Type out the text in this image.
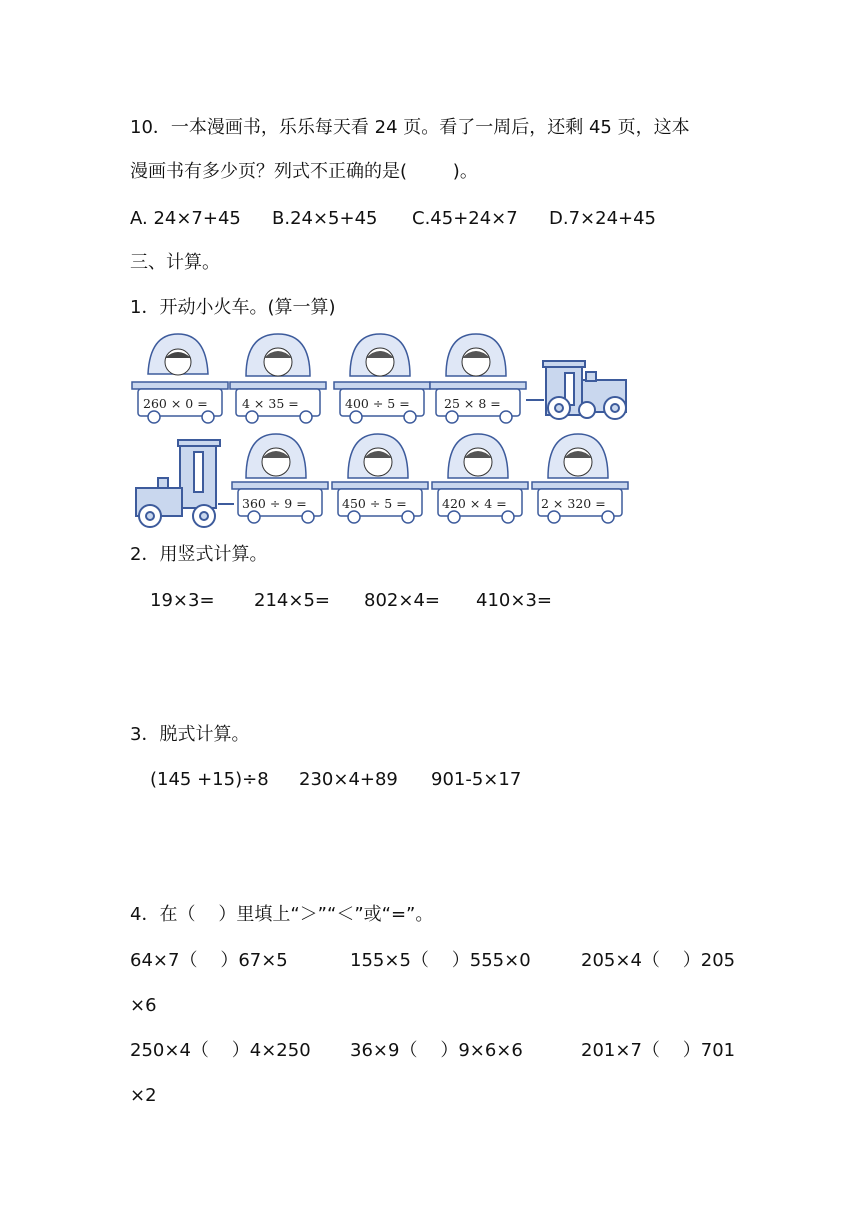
10．一本漫画书，乐乐每天看 24 页。看了一周后，还剩 45 页，这本
漫画书有多少页？列式不正确的是(        )。
A. 24×7+45 B.24×5+45 C.45+24×7 D.7×24+45
三、计算。
1．开动小火车。(算一算)
260 × 0 =	4 × 35 =	400 ÷ 5 =	25 × 8 =
360 ÷ 9 =	450 ÷ 5 =	420 × 4 =	2 × 320 =
2．用竖式计算。
19×3= 214×5= 802×4= 410×3=
3．脱式计算。
(145 +15)÷8 230×4+89 901-5×17
4．在（    ）里填上“＞”“＜”或“=”。
64×7（    ）67×5	155×5（    ）555×0	205×4（    ）205
×6
250×4（    ）4×250 36×9（    ）9×6×6	201×7（    ）701
×2
